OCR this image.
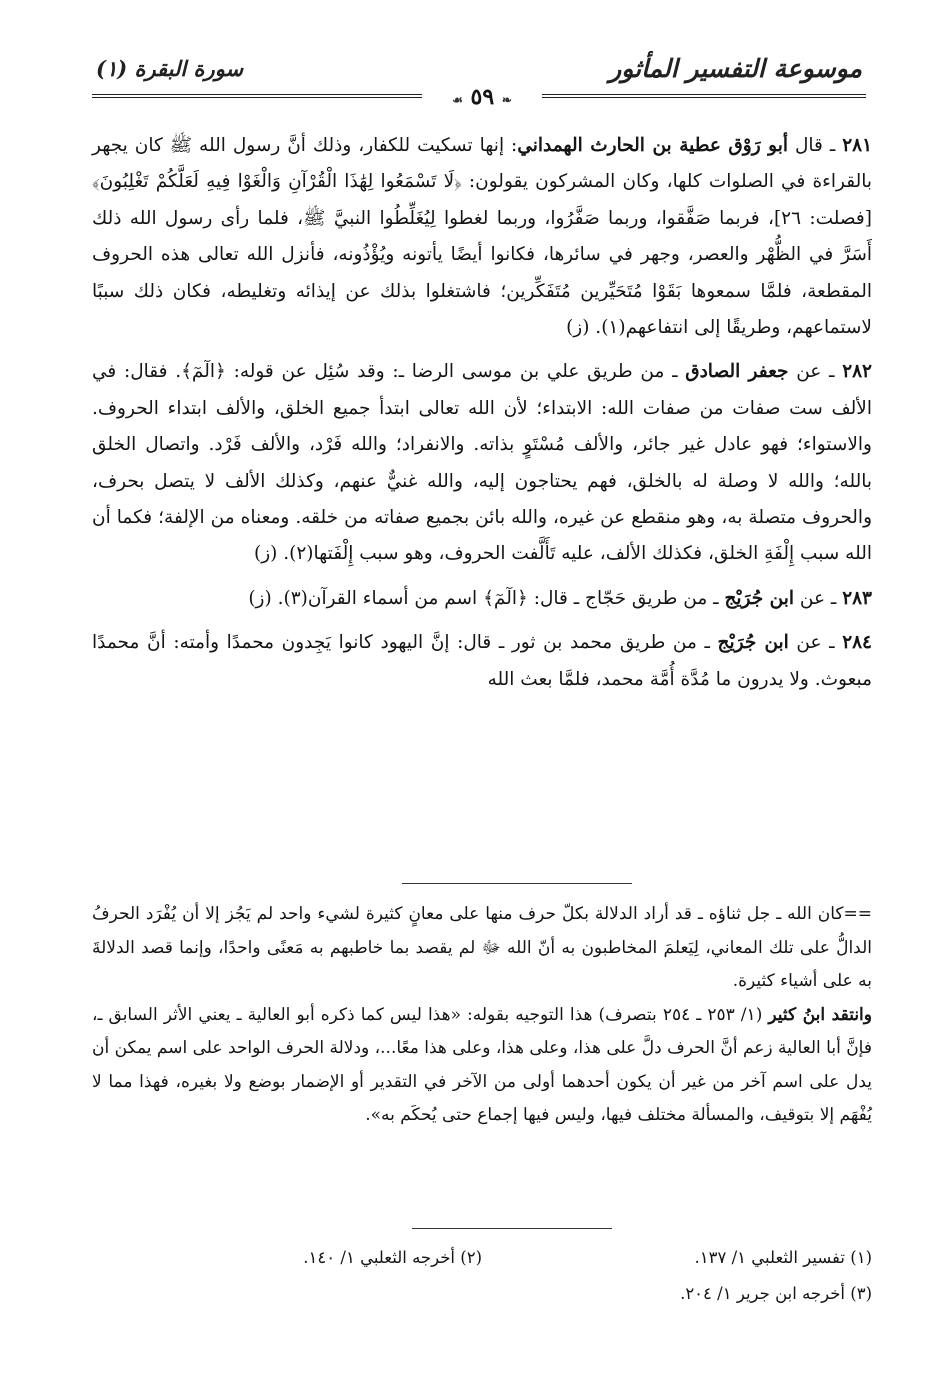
موسوعة التفسير المأثور
سورة البقرة (١)
❧ ٥٩ ☙

٢٨١ ـ قال أبو رَوْق عطية بن الحارث الهمداني: إنها تسكيت للكفار، وذلك أنَّ رسول الله ﷺ كان يجهر بالقراءة في الصلوات كلها، وكان المشركون يقولون: ﴿لَا تَسْمَعُوا لِهَٰذَا الْقُرْآنِ وَالْغَوْا فِيهِ لَعَلَّكُمْ تَغْلِبُونَ﴾ [فصلت: ٢٦]، فربما صَفَّقوا، وربما صَفَّرُوا، وربما لغطوا لِيُغَلِّطُوا النبيَّ ﷺ، فلما رأى رسول الله ذلك أَسَرَّ في الظُّهْر والعصر، وجهر في سائرها، فكانوا أيضًا يأتونه ويُؤْذُونه، فأنزل الله تعالى هذه الحروف المقطعة، فلمَّا سمعوها بَقَوْا مُتَحَيِّرين مُتَفَكِّرين؛ فاشتغلوا بذلك عن إيذائه وتغليطه، فكان ذلك سببًا لاستماعهم، وطريقًا إلى انتفاعهم(١). (ز)

٢٨٢ ـ عن جعفر الصادق ـ من طريق علي بن موسى الرضا ـ: وقد سُئِل عن قوله: ﴿الٓمٓ﴾. فقال: في الألف ست صفات من صفات الله: الابتداء؛ لأن الله تعالى ابتدأ جميع الخلق، والألف ابتداء الحروف. والاستواء؛ فهو عادل غير جائر، والألف مُسْتَوٍ بذاته. والانفراد؛ والله فَرْد، والألف فَرْد. واتصال الخلق بالله؛ والله لا وصلة له بالخلق، فهم يحتاجون إليه، والله غنيٌّ عنهم، وكذلك الألف لا يتصل بحرف، والحروف متصلة به، وهو منقطع عن غيره، والله بائن بجميع صفاته من خلقه. ومعناه من الإلفة؛ فكما أن الله سبب إِلْفَةِ الخلق، فكذلك الألف، عليه تَأَلَّفت الحروف، وهو سبب إِلْفَتها(٢). (ز)

٢٨٣ ـ عن ابن جُرَيْج ـ من طريق حَجّاج ـ قال: ﴿الٓمٓ﴾ اسم من أسماء القرآن(٣). (ز)

٢٨٤ ـ عن ابن جُرَيْج ـ من طريق محمد بن ثور ـ قال: إنَّ اليهود كانوا يَجِدون محمدًا وأمته: أنَّ محمدًا مبعوث. ولا يدرون ما مُدَّة أُمَّة محمد، فلمَّا بعث الله

==كان الله ـ جل ثناؤه ـ قد أراد الدلالة بكلّ حرف منها على معانٍ كثيرة لشيء واحد لم يَجُز إلا أن يُفْرَد الحرفُ الدالُّ على تلك المعاني، لِيَعلمَ المخاطبون به أنّ الله ﷻ لم يقصد بما خاطبهم به مَعنًى واحدًا، وإنما قصد الدلالةَ به على أشياء كثيرة.

وانتقد ابنُ كثير (١/ ٢٥٣ ـ ٢٥٤ بتصرف) هذا التوجيه بقوله: «هذا ليس كما ذكره أبو العالية ـ يعني الأثر السابق ـ، فإنَّ أبا العالية زعم أنَّ الحرف دلَّ على هذا، وعلى هذا، وعلى هذا معًا...، ودلالة الحرف الواحد على اسم يمكن أن يدل على اسم آخر من غير أن يكون أحدهما أولى من الآخر في التقدير أو الإضمار بوضع ولا بغيره، فهذا مما لا يُفْهَم إلا بتوقيف، والمسألة مختلف فيها، وليس فيها إجماع حتى يُحكَم به».

(١) تفسير الثعلبي ١/ ١٣٧.
(٢) أخرجه الثعلبي ١/ ١٤٠.
(٣) أخرجه ابن جرير ١/ ٢٠٤.
